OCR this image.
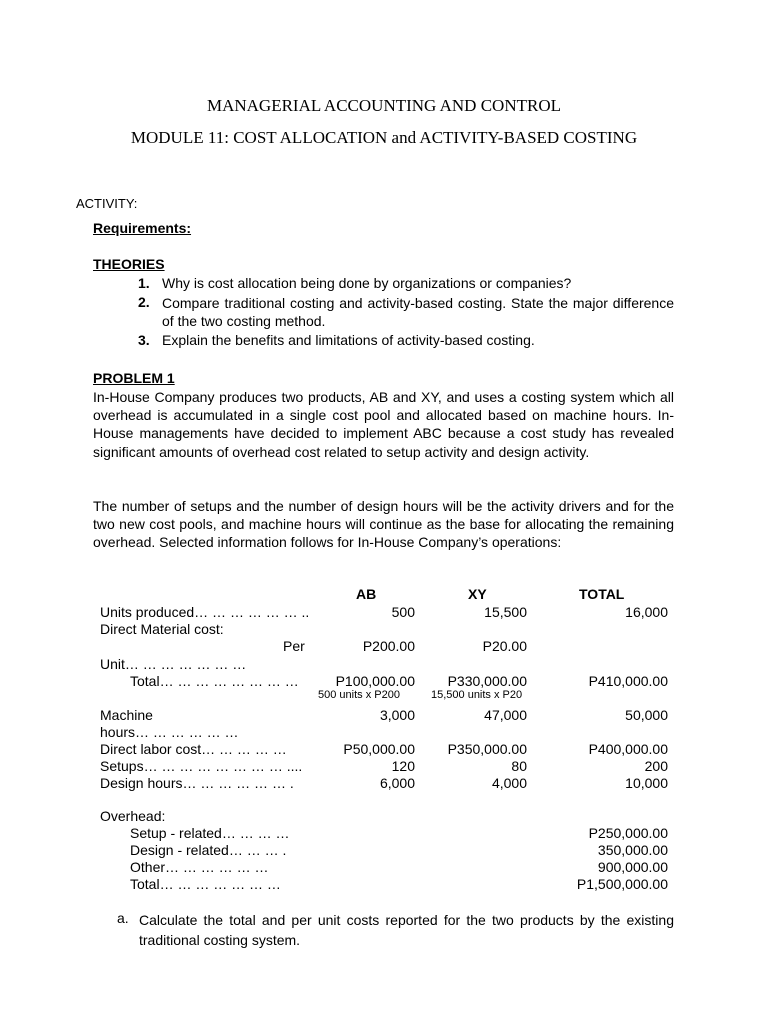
MANAGERIAL ACCOUNTING AND CONTROL
MODULE 11: COST ALLOCATION and ACTIVITY-BASED COSTING
ACTIVITY:
Requirements:
THEORIES
1. Why is cost allocation being done by organizations or companies?
2. Compare traditional costing and activity-based costing. State the major difference of the two costing method.
3. Explain the benefits and limitations of activity-based costing.
PROBLEM 1
In-House Company produces two products, AB and XY, and uses a costing system which all overhead is accumulated in a single cost pool and allocated based on machine hours. In-House managements have decided to implement ABC because a cost study has revealed significant amounts of overhead cost related to setup activity and design activity.
The number of setups and the number of design hours will be the activity drivers and for the two new cost pools, and machine hours will continue as the base for allocating the remaining overhead. Selected information follows for In-House Company’s operations:
AB	XY	TOTAL
Units produced… … … … … … ..	500	15,500	16,000
Direct Material cost:
Per	P200.00	P20.00
Unit… … … … … … …
Total… … … … … … … …	P100,000.00 P330,000.00	P410,000.00
500 units x P200	15,500 units x P20
Machine	3,000	47,000	50,000
hours… … … … … …
Direct labor cost… … … … …	P50,000.00 P350,000.00	P400,000.00
Setups… … … … … … … … ....	120	80	200
Design hours… … … … … … .	6,000	4,000	10,000
Overhead:
Setup - related… … … …	P250,000.00
Design - related… … … .	350,000.00
Other… … … … … …	900,000.00
Total… … … … … … …	P1,500,000.00
a. Calculate the total and per unit costs reported for the two products by the existing traditional costing system.
